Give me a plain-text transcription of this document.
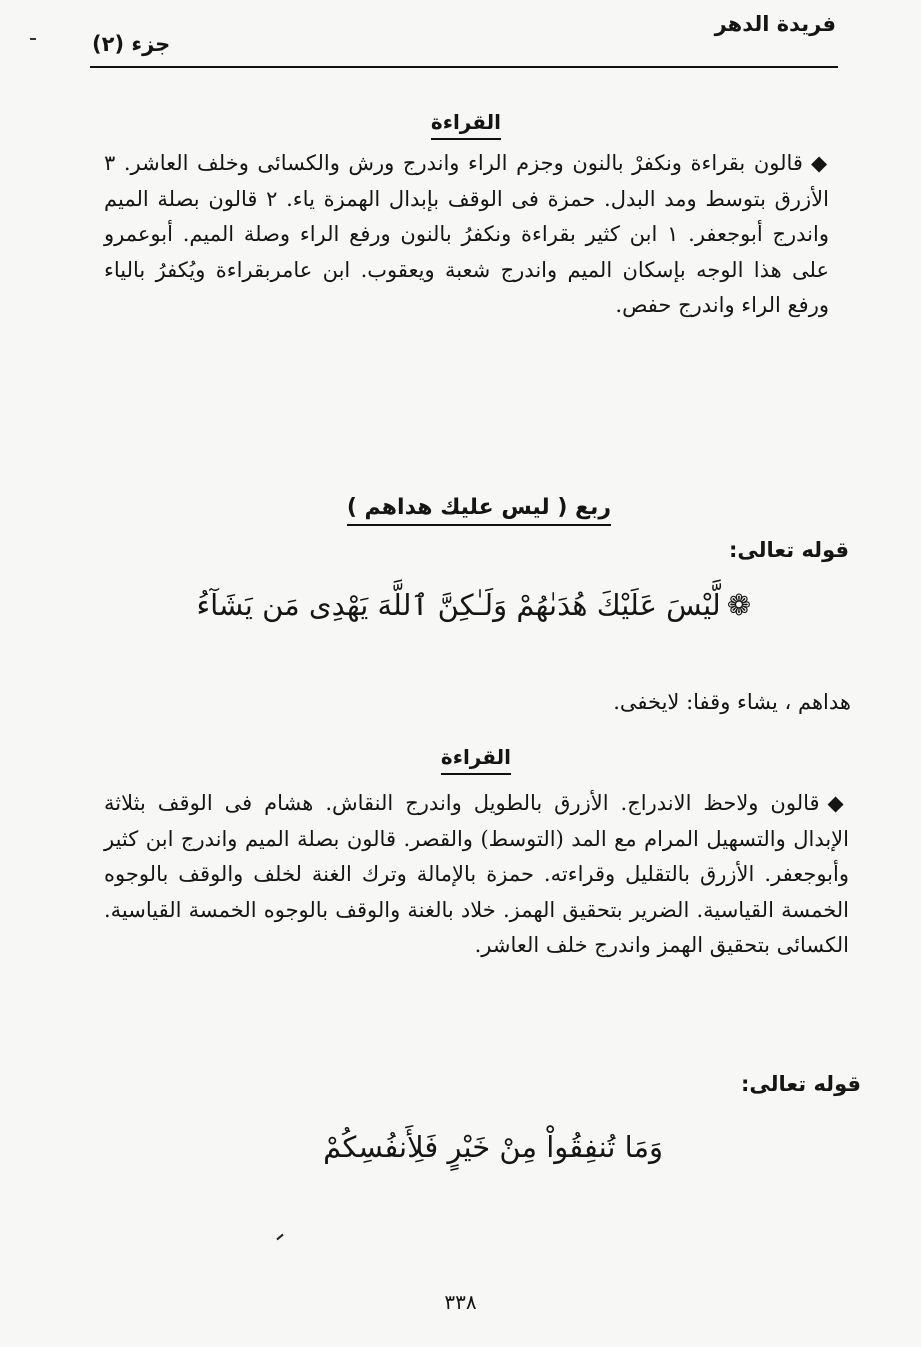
فريدة الدهر
جزء (٢)
القراءة
◆قالون بقراءة ونكفرْ بالنون وجزم الراء واندرج ورش والكسائى وخلف العاشر. ٣ الأزرق بتوسط ومد البدل. حمزة فى الوقف بإبدال الهمزة ياء. ٢ قالون بصلة الميم واندرج أبوجعفر. ١ ابن كثير بقراءة ونكفرُ بالنون ورفع الراء وصلة الميم. أبوعمرو على هذا الوجه بإسكان الميم واندرج شعبة ويعقوب. ابن عامربقراءة ويُكفرُ بالياء ورفع الراء واندرج حفص.
ربع ( ليس عليك هداهم )
قوله تعالى:
❁لَّيْسَ عَلَيْكَ هُدَىٰهُمْ وَلَـٰكِنَّ ٱللَّهَ يَهْدِى مَن يَشَآءُ
هداهم ، يشاء وقفا: لايخفى.
القراءة
◆قالون ولاحظ الاندراج. الأزرق بالطويل واندرج النقاش. هشام فى الوقف بثلاثة الإبدال والتسهيل المرام مع المد (التوسط) والقصر. قالون بصلة الميم واندرج ابن كثير وأبوجعفر. الأزرق بالتقليل وقراءته. حمزة بالإمالة وترك الغنة لخلف والوقف بالوجوه الخمسة القياسية. الضرير بتحقيق الهمز. خلاد بالغنة والوقف بالوجوه الخمسة القياسية. الكسائى بتحقيق الهمز واندرج خلف العاشر.
قوله تعالى:
وَمَا تُنفِقُواْ مِنْ خَيْرٍ فَلِأَنفُسِكُمْ
٣٣٨
